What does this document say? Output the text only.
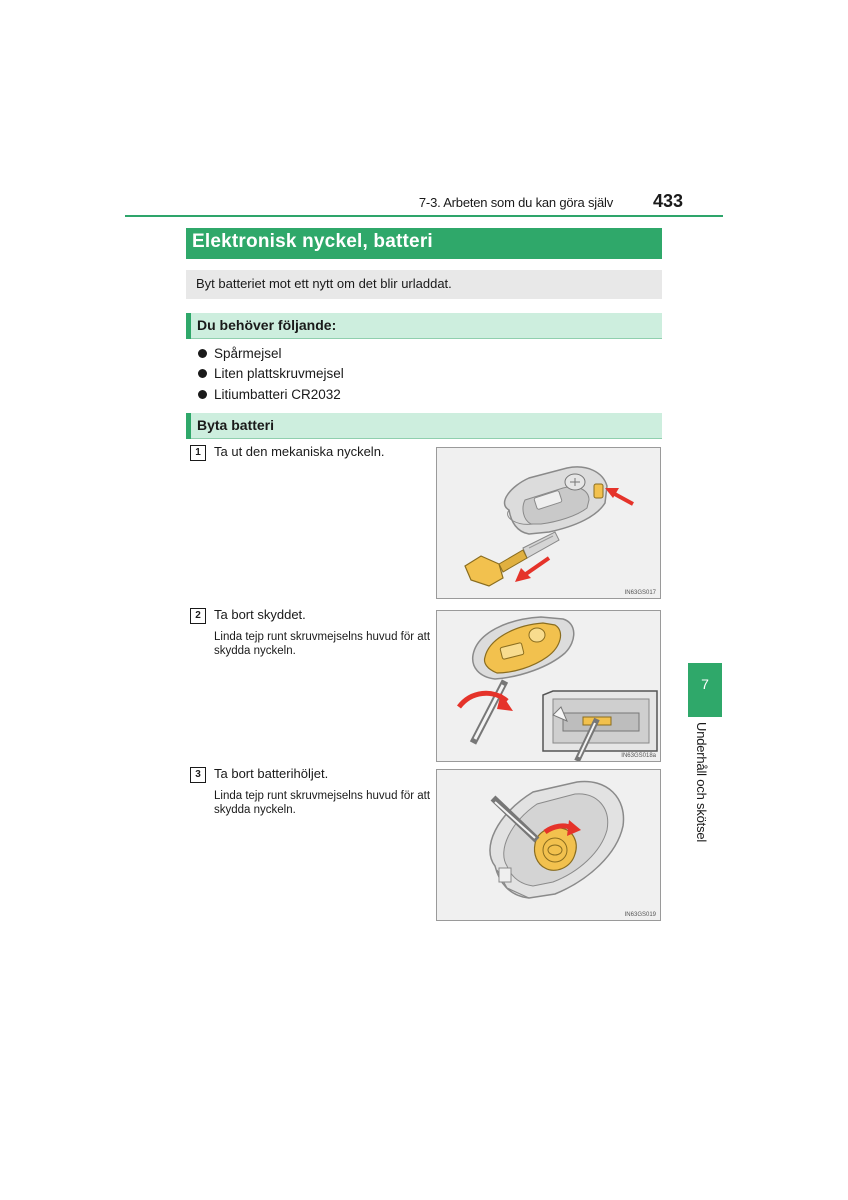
7-3. Arbeten som du kan göra själv 433
Elektronisk nyckel, batteri
Byt batteriet mot ett nytt om det blir urladdat.
Du behöver följande:
Spårmejsel
Liten plattskruvmejsel
Litiumbatteri CR2032
Byta batteri
1	Ta ut den mekaniska nyckeln.
IN63GS017
2	Ta bort skyddet.
Linda tejp runt skruvmejselns huvud för att skydda nyckeln.
IN63GS018a
3	Ta bort batterihöljet.
Linda tejp runt skruvmejselns huvud för att skydda nyckeln.
IN63GS019
7
Underhåll och skötsel
